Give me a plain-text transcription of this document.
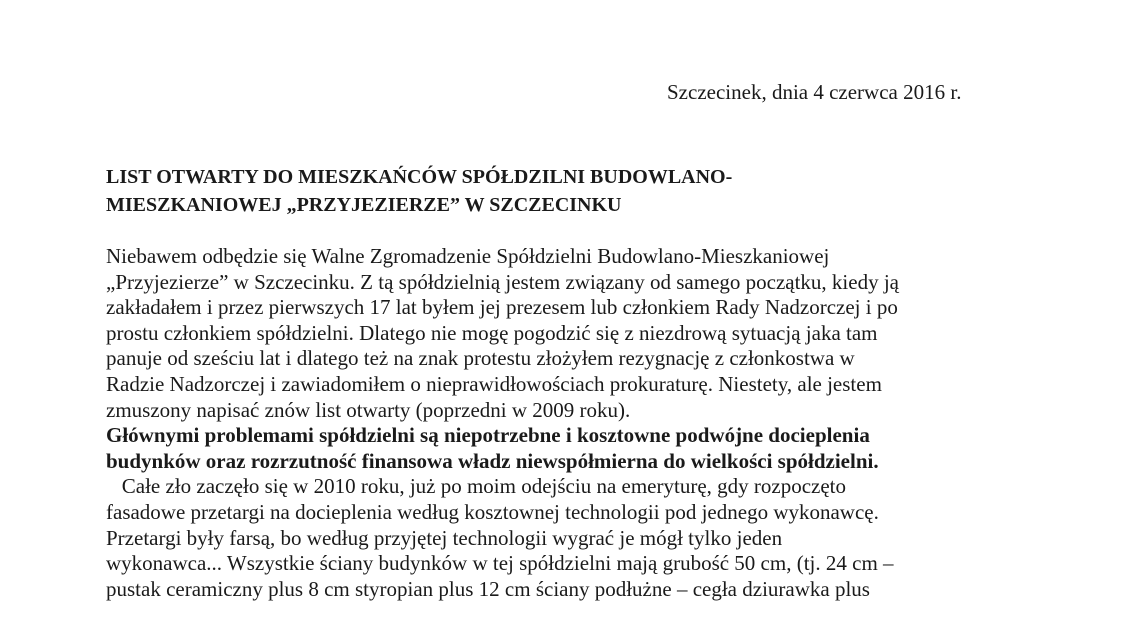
Szczecinek, dnia 4 czerwca 2016 r.
LIST OTWARTY DO MIESZKAŃCÓW SPÓŁDZILNI BUDOWLANO-
MIESZKANIOWEJ „PRZYJEZIERZE” W SZCZECINKU
Niebawem odbędzie się Walne Zgromadzenie Spółdzielni Budowlano-Mieszkaniowej
„Przyjezierze” w Szczecinku. Z tą spółdzielnią jestem związany od samego początku, kiedy ją
zakładałem i przez pierwszych 17 lat byłem jej prezesem lub członkiem Rady Nadzorczej i po
prostu członkiem spółdzielni. Dlatego nie mogę pogodzić się z niezdrową sytuacją jaka tam
panuje od sześciu lat i dlatego też na znak protestu złożyłem rezygnację z członkostwa w
Radzie Nadzorczej i zawiadomiłem o nieprawidłowościach prokuraturę. Niestety, ale jestem
zmuszony napisać znów list otwarty (poprzedni w 2009 roku).
Głównymi problemami spółdzielni są niepotrzebne i kosztowne podwójne docieplenia
budynków oraz rozrzutność finansowa władz niewspółmierna do wielkości spółdzielni.
Całe zło zaczęło się w 2010 roku, już po moim odejściu na emeryturę, gdy rozpoczęto
fasadowe przetargi na docieplenia według kosztownej technologii pod jednego wykonawcę.
Przetargi były farsą, bo według przyjętej technologii wygrać je mógł tylko jeden
wykonawca... Wszystkie ściany budynków w tej spółdzielni mają grubość 50 cm, (tj. 24 cm –
pustak ceramiczny plus 8 cm styropian plus 12 cm ściany podłużne – cegła dziurawka plus
